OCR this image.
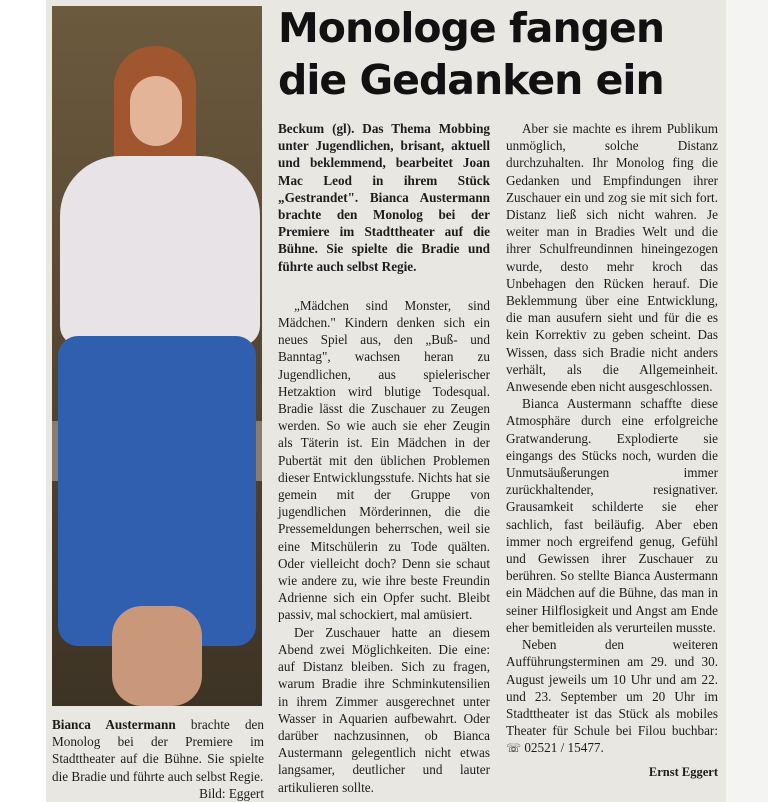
Monologe fangen
die Gedanken ein

Beckum (gl). Das Thema Mobbing unter Jugendlichen, brisant, aktuell und beklemmend, bearbeitet Joan Mac Leod in ihrem Stück „Gestrandet". Bianca Austermann brachte den Monolog bei der Premiere im Stadttheater auf die Bühne. Sie spielte die Bradie und führte auch selbst Regie.

„Mädchen sind Monster, sind Mädchen." Kindern denken sich ein neues Spiel aus, den „Buß- und Banntag", wachsen heran zu Jugendlichen, aus spielerischer Hetzaktion wird blutige Todesqual. Bradie lässt die Zuschauer zu Zeugen werden. So wie auch sie eher Zeugin als Täterin ist. Ein Mädchen in der Pubertät mit den üblichen Problemen dieser Entwicklungsstufe. Nichts hat sie gemein mit der Gruppe von jugendlichen Mörderinnen, die die Pressemeldungen beherrschen, weil sie eine Mitschülerin zu Tode quälten. Oder vielleicht doch? Denn sie schaut wie andere zu, wie ihre beste Freundin Adrienne sich ein Opfer sucht. Bleibt passiv, mal schockiert, mal amüsiert.

Der Zuschauer hatte an diesem Abend zwei Möglichkeiten. Die eine: auf Distanz bleiben. Sich zu fragen, warum Bradie ihre Schminkutensilien in ihrem Zimmer ausgerechnet unter Wasser in Aquarien aufbewahrt. Oder darüber nachzusinnen, ob Bianca Austermann gelegentlich nicht etwas langsamer, deutlicher und lauter artikulieren sollte.

Aber sie machte es ihrem Publikum unmöglich, solche Distanz durchzuhalten. Ihr Monolog fing die Gedanken und Empfindungen ihrer Zuschauer ein und zog sie mit sich fort. Distanz ließ sich nicht wahren. Je weiter man in Bradies Welt und die ihrer Schulfreundinnen hineingezogen wurde, desto mehr kroch das Unbehagen den Rücken herauf. Die Beklemmung über eine Entwicklung, die man ausufern sieht und für die es kein Korrektiv zu geben scheint. Das Wissen, dass sich Bradie nicht anders verhält, als die Allgemeinheit. Anwesende eben nicht ausgeschlossen.

Bianca Austermann schaffte diese Atmosphäre durch eine erfolgreiche Gratwanderung. Explodierte sie eingangs des Stücks noch, wurden die Unmutsäußerungen immer zurückhaltender, resignativer. Grausamkeit schilderte sie eher sachlich, fast beiläufig. Aber eben immer noch ergreifend genug, Gefühl und Gewissen ihrer Zuschauer zu berühren. So stellte Bianca Austermann ein Mädchen auf die Bühne, das man in seiner Hilflosigkeit und Angst am Ende eher bemitleiden als verurteilen musste.

Neben den weiteren Aufführungsterminen am 29. und 30. August jeweils um 10 Uhr und am 22. und 23. September um 20 Uhr im Stadttheater ist das Stück als mobiles Theater für Schule bei Filou buchbar: ☏ 02521 / 15477.

Ernst Eggert
Bianca Austermann brachte den Monolog bei der Premiere im Stadttheater auf die Bühne. Sie spielte die Bradie und führte auch selbst Regie.
Bild: Eggert
